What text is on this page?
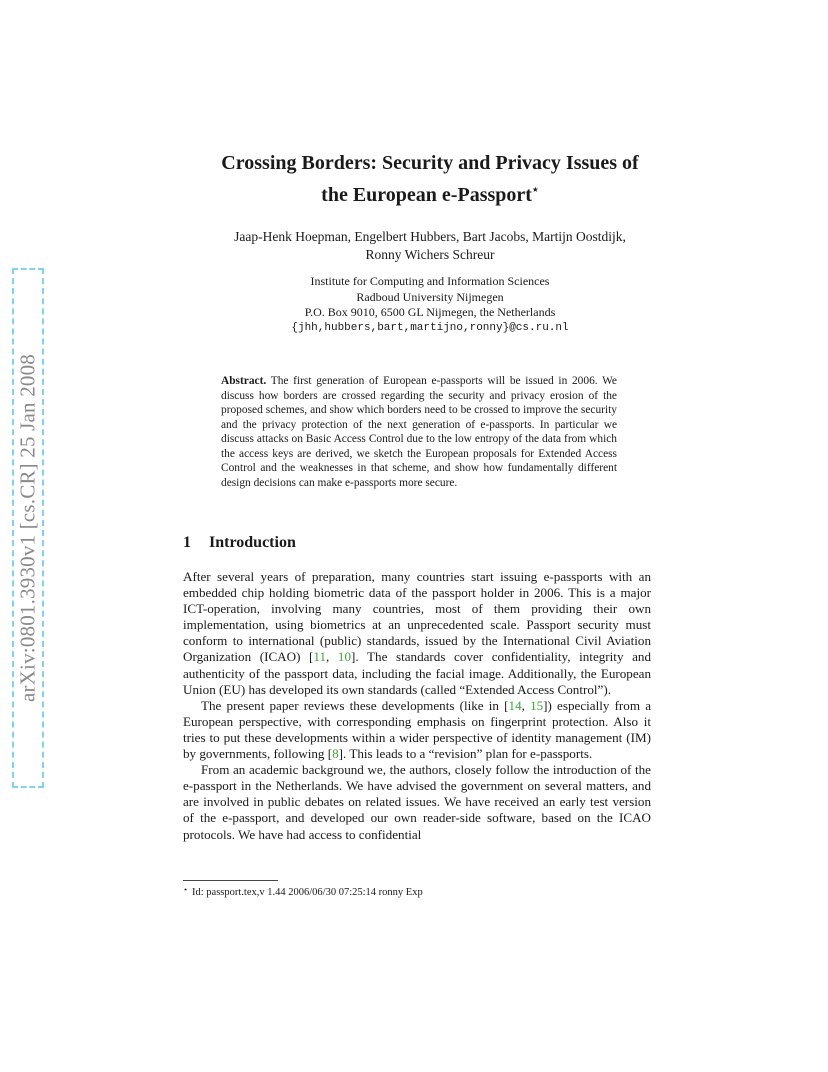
arXiv:0801.3930v1 [cs.CR] 25 Jan 2008
Crossing Borders: Security and Privacy Issues of
the European e-Passport⋆
Jaap-Henk Hoepman, Engelbert Hubbers, Bart Jacobs, Martijn Oostdijk,
Ronny Wichers Schreur
Institute for Computing and Information Sciences
Radboud University Nijmegen
P.O. Box 9010, 6500 GL Nijmegen, the Netherlands
{jhh,hubbers,bart,martijno,ronny}@cs.ru.nl
Abstract. The first generation of European e-passports will be issued in 2006. We discuss how borders are crossed regarding the security and privacy erosion of the proposed schemes, and show which borders need to be crossed to improve the security and the privacy protection of the next generation of e-passports. In particular we discuss attacks on Basic Access Control due to the low entropy of the data from which the access keys are derived, we sketch the European proposals for Extended Access Control and the weaknesses in that scheme, and show how fundamentally different design decisions can make e-passports more secure.
1 Introduction

After several years of preparation, many countries start issuing e-passports with an embedded chip holding biometric data of the passport holder in 2006. This is a major ICT-operation, involving many countries, most of them providing their own implementation, using biometrics at an unprecedented scale. Passport security must conform to international (public) standards, issued by the International Civil Aviation Organization (ICAO) [11, 10]. The standards cover confidentiality, integrity and authenticity of the passport data, including the facial image. Additionally, the European Union (EU) has developed its own standards (called “Extended Access Control”).

The present paper reviews these developments (like in [14, 15]) especially from a European perspective, with corresponding emphasis on fingerprint protection. Also it tries to put these developments within a wider perspective of identity management (IM) by governments, following [8]. This leads to a “revision” plan for e-passports.

From an academic background we, the authors, closely follow the introduction of the e-passport in the Netherlands. We have advised the government on several matters, and are involved in public debates on related issues. We have received an early test version of the e-passport, and developed our own reader-side software, based on the ICAO protocols. We have had access to confidential

⋆ Id: passport.tex,v 1.44 2006/06/30 07:25:14 ronny Exp
